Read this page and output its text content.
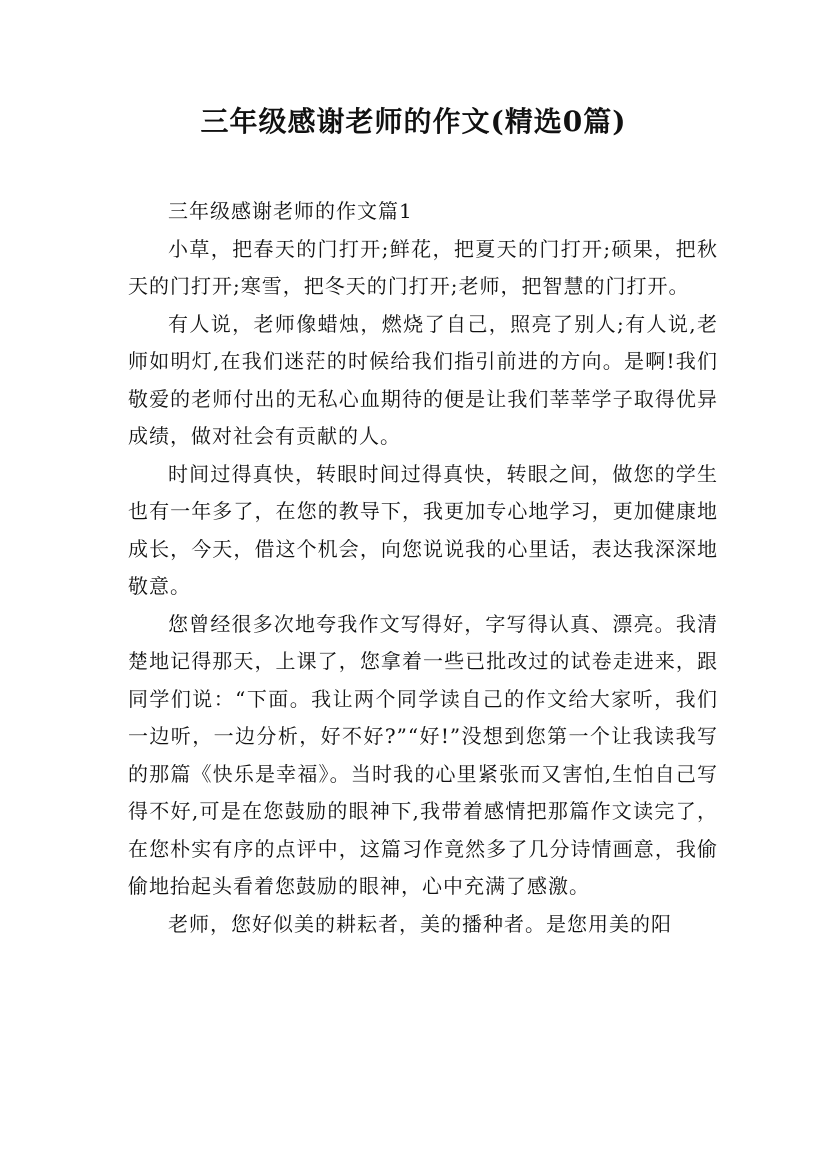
三年级感谢老师的作文(精选0篇)

三年级感谢老师的作文篇1

小草，把春天的门打开;鲜花，把夏天的门打开;硕果，把秋天的门打开;寒雪，把冬天的门打开;老师，把智慧的门打开。

有人说，老师像蜡烛，燃烧了自己，照亮了别人;有人说,老师如明灯,在我们迷茫的时候给我们指引前进的方向。是啊!我们敬爱的老师付出的无私心血期待的便是让我们莘莘学子取得优异成绩，做对社会有贡献的人。

时间过得真快，转眼时间过得真快，转眼之间，做您的学生也有一年多了，在您的教导下，我更加专心地学习，更加健康地成长，今天，借这个机会，向您说说我的心里话，表达我深深地敬意。

您曾经很多次地夸我作文写得好，字写得认真、漂亮。我清楚地记得那天，上课了，您拿着一些已批改过的试卷走进来，跟同学们说：“下面。我让两个同学读自己的作文给大家听，我们一边听，一边分析，好不好?”“好!”没想到您第一个让我读我写的那篇《快乐是幸福》。当时我的心里紧张而又害怕,生怕自己写得不好,可是在您鼓励的眼神下,我带着感情把那篇作文读完了，在您朴实有序的点评中，这篇习作竟然多了几分诗情画意，我偷偷地抬起头看着您鼓励的眼神，心中充满了感激。

老师，您好似美的耕耘者，美的播种者。是您用美的阳
